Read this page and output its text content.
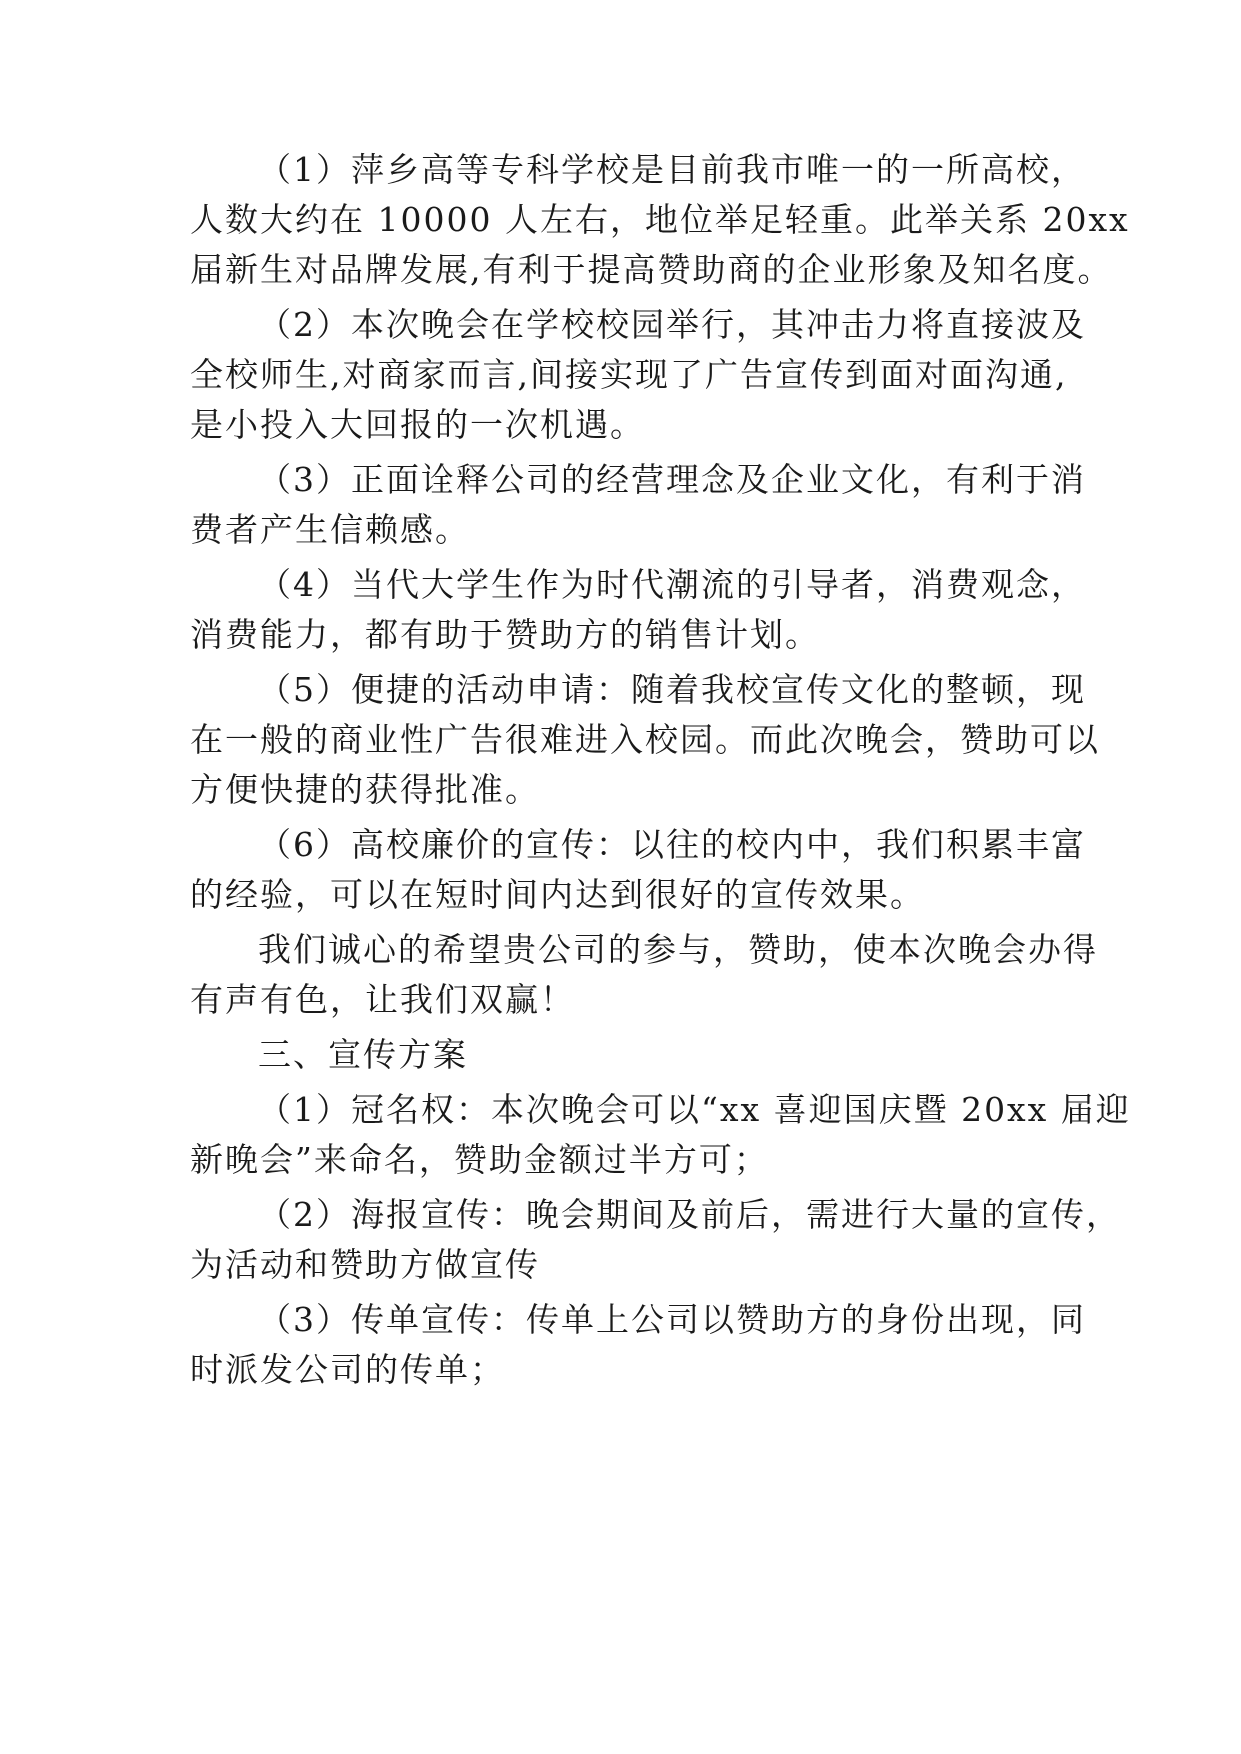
（1）萍乡高等专科学校是目前我市唯一的一所高校，
人数大约在 10000 人左右，地位举足轻重。此举关系 20xx
届新生对品牌发展,有利于提高赞助商的企业形象及知名度。
（2）本次晚会在学校校园举行，其冲击力将直接波及
全校师生,对商家而言,间接实现了广告宣传到面对面沟通,
是小投入大回报的一次机遇。
（3）正面诠释公司的经营理念及企业文化，有利于消
费者产生信赖感。
（4）当代大学生作为时代潮流的引导者，消费观念，
消费能力，都有助于赞助方的销售计划。
（5）便捷的活动申请：随着我校宣传文化的整顿，现
在一般的商业性广告很难进入校园。而此次晚会，赞助可以
方便快捷的获得批准。
（6）高校廉价的宣传：以往的校内中，我们积累丰富
的经验，可以在短时间内达到很好的宣传效果。
我们诚心的希望贵公司的参与，赞助，使本次晚会办得
有声有色，让我们双赢！
三、宣传方案
（1）冠名权：本次晚会可以“xx 喜迎国庆暨 20xx 届迎
新晚会”来命名，赞助金额过半方可；
（2）海报宣传：晚会期间及前后，需进行大量的宣传，
为活动和赞助方做宣传
（3）传单宣传：传单上公司以赞助方的身份出现，同
时派发公司的传单；
